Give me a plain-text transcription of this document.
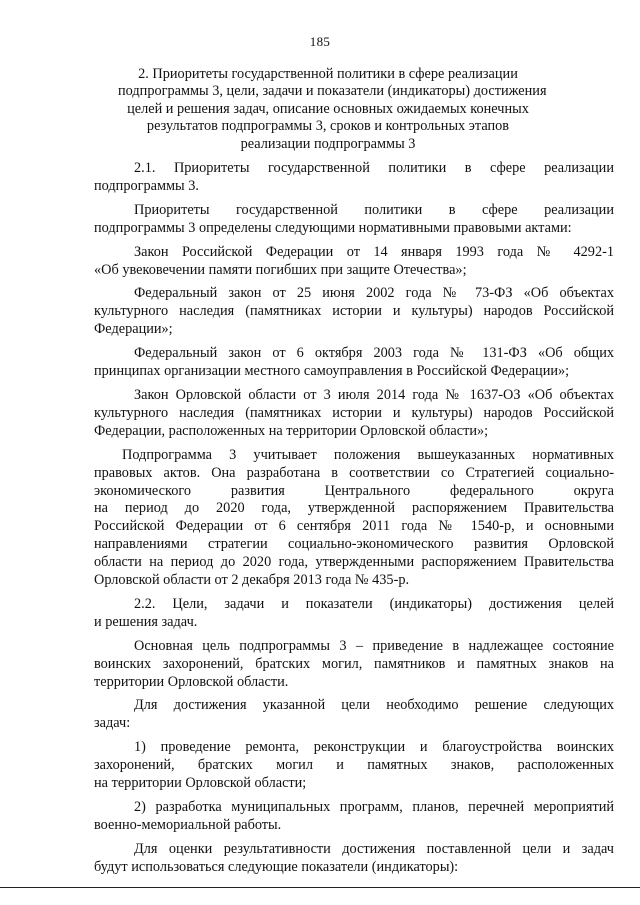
185
2. Приоритеты государственной политики в сфере реализации
подпрограммы 3, цели, задачи и показатели (индикаторы) достижения
целей и решения задач, описание основных ожидаемых конечных
результатов подпрограммы 3, сроков и контрольных этапов
реализации подпрограммы 3

2.1. Приоритеты государственной политики в сфере реализации
подпрограммы 3.

Приоритеты государственной политики в сфере реализации
подпрограммы 3 определены следующими нормативными правовыми актами:

Закон Российской Федерации от 14 января 1993 года № 4292-1
«Об увековечении памяти погибших при защите Отечества»;

Федеральный закон от 25 июня 2002 года № 73-ФЗ «Об объектах
культурного наследия (памятниках истории и культуры) народов Российской
Федерации»;

Федеральный закон от 6 октября 2003 года № 131-ФЗ «Об общих
принципах организации местного самоуправления в Российской Федерации»;

Закон Орловской области от 3 июля 2014 года № 1637-ОЗ «Об объектах
культурного наследия (памятниках истории и культуры) народов Российской
Федерации, расположенных на территории Орловской области»;

Подпрограмма 3 учитывает положения вышеуказанных нормативных
правовых актов. Она разработана в соответствии со Стратегией социально-
экономического развития Центрального федерального округа
на период до 2020 года, утвержденной распоряжением Правительства
Российской Федерации от 6 сентября 2011 года № 1540-р, и основными
направлениями стратегии социально-экономического развития Орловской
области на период до 2020 года, утвержденными распоряжением Правительства
Орловской области от 2 декабря 2013 года № 435-р.

2.2. Цели, задачи и показатели (индикаторы) достижения целей
и решения задач.

Основная цель подпрограммы 3 – приведение в надлежащее состояние
воинских захоронений, братских могил, памятников и памятных знаков на
территории Орловской области.

Для достижения указанной цели необходимо решение следующих
задач:

1) проведение ремонта, реконструкции и благоустройства воинских
захоронений, братских могил и памятных знаков, расположенных
на территории Орловской области;

2) разработка муниципальных программ, планов, перечней мероприятий
военно-мемориальной работы.

Для оценки результативности достижения поставленной цели и задач
будут использоваться следующие показатели (индикаторы):
